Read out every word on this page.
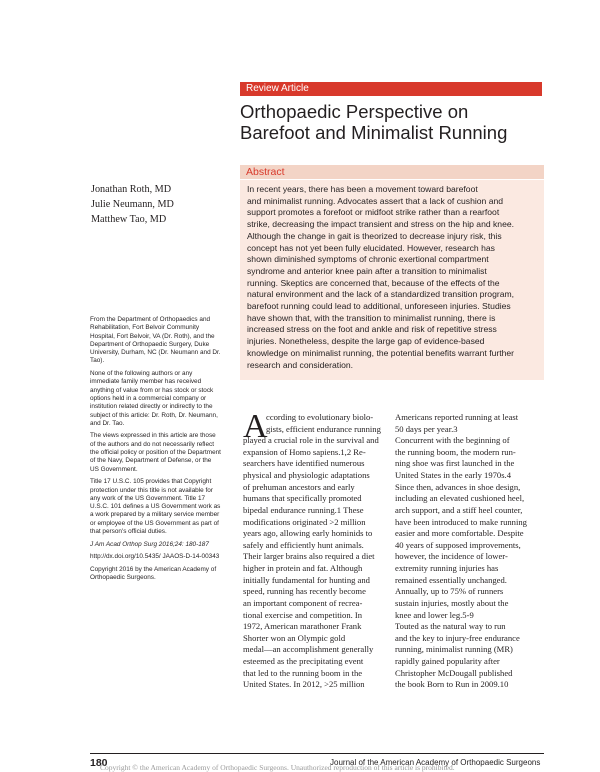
Review Article
Orthopaedic Perspective on
Barefoot and Minimalist Running
Abstract
In recent years, there has been a movement toward barefoot
and minimalist running. Advocates assert that a lack of cushion and
support promotes a forefoot or midfoot strike rather than a rearfoot
strike, decreasing the impact transient and stress on the hip and knee.
Although the change in gait is theorized to decrease injury risk, this
concept has not yet been fully elucidated. However, research has
shown diminished symptoms of chronic exertional compartment
syndrome and anterior knee pain after a transition to minimalist
running. Skeptics are concerned that, because of the effects of the
natural environment and the lack of a standardized transition program,
barefoot running could lead to additional, unforeseen injuries. Studies
have shown that, with the transition to minimalist running, there is
increased stress on the foot and ankle and risk of repetitive stress
injuries. Nonetheless, despite the large gap of evidence-based
knowledge on minimalist running, the potential benefits warrant further
research and consideration.
Jonathan Roth, MD
Julie Neumann, MD
Matthew Tao, MD

From the Department of Orthopaedics and Rehabilitation, Fort Belvoir Community Hospital, Fort Belvoir, VA (Dr. Roth), and the Department of Orthopaedic Surgery, Duke University, Durham, NC (Dr. Neumann and Dr. Tao).

None of the following authors or any immediate family member has received anything of value from or has stock or stock options held in a commercial company or institution related directly or indirectly to the subject of this article: Dr. Roth, Dr. Neumann, and Dr. Tao.

The views expressed in this article are those of the authors and do not necessarily reflect the official policy or position of the Department of the Navy, Department of Defense, or the US Government.

Title 17 U.S.C. 105 provides that Copyright protection under this title is not available for any work of the US Government. Title 17 U.S.C. 101 defines a US Government work as a work prepared by a military service member or employee of the US Government as part of that person's official duties.

J Am Acad Orthop Surg 2016;24: 180-187

http://dx.doi.org/10.5435/ JAAOS-D-14-00343

Copyright 2016 by the American Academy of Orthopaedic Surgeons.

A
ccording to evolutionary biolo-
gists, efficient endurance running
played a crucial role in the survival and
expansion of Homo sapiens.1,2 Re-
searchers have identified numerous
physical and physiologic adaptations
of prehuman ancestors and early
humans that specifically promoted
bipedal endurance running.1 These
modifications originated >2 million
years ago, allowing early hominids to
safely and efficiently hunt animals.
Their larger brains also required a diet
higher in protein and fat. Although
initially fundamental for hunting and
speed, running has recently become
an important component of recrea-
tional exercise and competition. In
1972, American marathoner Frank
Shorter won an Olympic gold
medal—an accomplishment generally
esteemed as the precipitating event
that led to the running boom in the
United States. In 2012, >25 million
Americans reported running at least
50 days per year.3
Concurrent with the beginning of
the running boom, the modern run-
ning shoe was first launched in the
United States in the early 1970s.4
Since then, advances in shoe design,
including an elevated cushioned heel,
arch support, and a stiff heel counter,
have been introduced to make running
easier and more comfortable. Despite
40 years of supposed improvements,
however, the incidence of lower-
extremity running injuries has
remained essentially unchanged.
Annually, up to 75% of runners
sustain injuries, mostly about the
knee and lower leg.5-9
Touted as the natural way to run
and the key to injury-free endurance
running, minimalist running (MR)
rapidly gained popularity after
Christopher McDougall published
the book Born to Run in 2009.10
180	Journal of the American Academy of Orthopaedic Surgeons
Copyright © the American Academy of Orthopaedic Surgeons. Unauthorized reproduction of this article is prohibited.
